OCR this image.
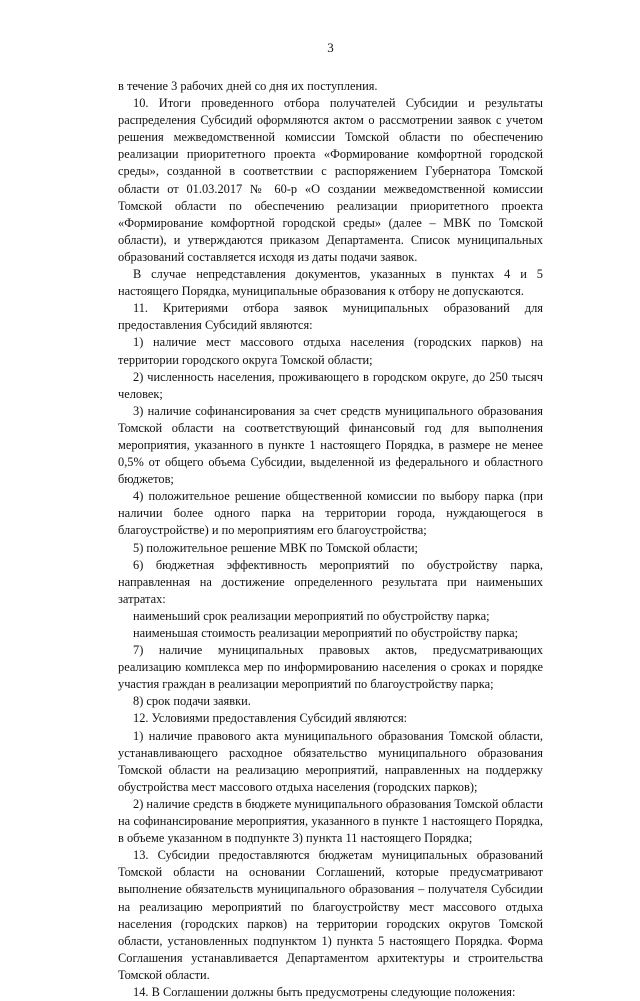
3

в течение 3 рабочих дней со дня их поступления.

10. Итоги проведенного отбора получателей Субсидии и результаты распределения Субсидий оформляются актом о рассмотрении заявок с учетом решения межведомственной комиссии Томской области по обеспечению реализации приоритетного проекта «Формирование комфортной городской среды», созданной в соответствии с распоряжением Губернатора Томской области от 01.03.2017 № 60-р «О создании межведомственной комиссии Томской области по обеспечению реализации приоритетного проекта «Формирование комфортной городской среды» (далее – МВК по Томской области), и утверждаются приказом Департамента. Список муниципальных образований составляется исходя из даты подачи заявок.

В случае непредставления документов, указанных в пунктах 4 и 5 настоящего Порядка, муниципальные образования к отбору не допускаются.

11. Критериями отбора заявок муниципальных образований для предоставления Субсидий являются:

1) наличие мест массового отдыха населения (городских парков) на территории городского округа Томской области;

2) численность населения, проживающего в городском округе, до 250 тысяч человек;

3) наличие софинансирования за счет средств муниципального образования Томской области на соответствующий финансовый год для выполнения мероприятия, указанного в пункте 1 настоящего Порядка, в размере не менее 0,5% от общего объема Субсидии, выделенной из федерального и областного бюджетов;

4) положительное решение общественной комиссии по выбору парка (при наличии более одного парка на территории города, нуждающегося в благоустройстве) и по мероприятиям его благоустройства;

5) положительное решение МВК по Томской области;

6) бюджетная эффективность мероприятий по обустройству парка, направленная на достижение определенного результата при наименьших затратах:

наименьший срок реализации мероприятий по обустройству парка;

наименьшая стоимость реализации мероприятий по обустройству парка;

7) наличие муниципальных правовых актов, предусматривающих реализацию комплекса мер по информированию населения о сроках и порядке участия граждан в реализации мероприятий по благоустройству парка;

8) срок подачи заявки.

12. Условиями предоставления Субсидий являются:

1) наличие правового акта муниципального образования Томской области, устанавливающего расходное обязательство муниципального образования Томской области на реализацию мероприятий, направленных на поддержку обустройства мест массового отдыха населения (городских парков);

2) наличие средств в бюджете муниципального образования Томской области на софинансирование мероприятия, указанного в пункте 1 настоящего Порядка, в объеме указанном в подпункте 3) пункта 11 настоящего Порядка;

13. Субсидии предоставляются бюджетам муниципальных образований Томской области на основании Соглашений, которые предусматривают выполнение обязательств муниципального образования – получателя Субсидии на реализацию мероприятий по благоустройству мест массового отдыха населения (городских парков) на территории городских округов Томской области, установленных подпунктом 1) пункта 5 настоящего Порядка. Форма Соглашения устанавливается Департаментом архитектуры и строительства Томской области.

14. В Соглашении должны быть предусмотрены следующие положения:
